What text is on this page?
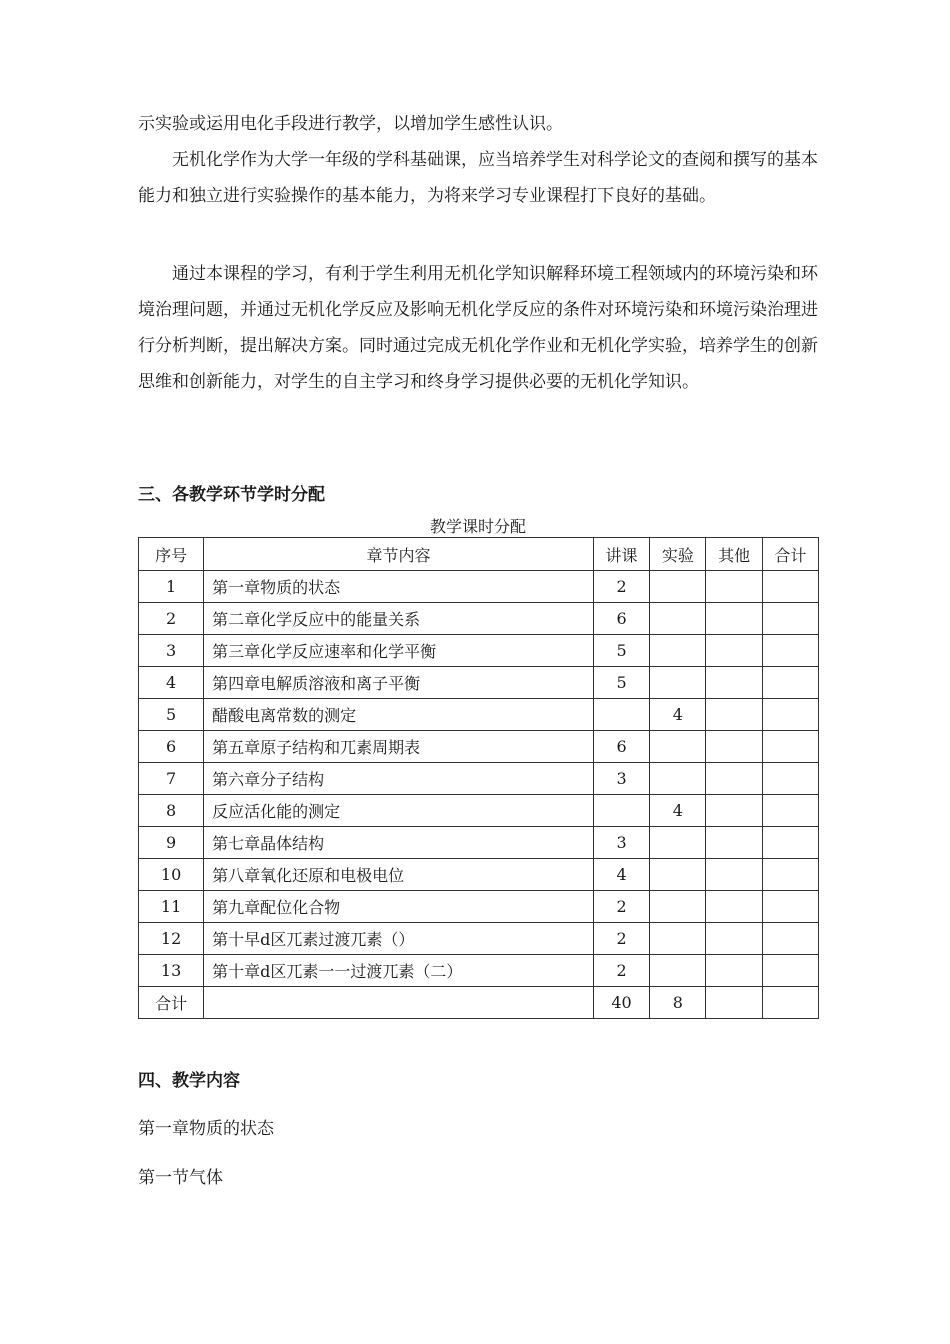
示实验或运用电化手段进行教学，以增加学生感性认识。

无机化学作为大学一年级的学科基础课，应当培养学生对科学论文的查阅和撰写的基本能力和独立进行实验操作的基本能力，为将来学习专业课程打下良好的基础。

通过本课程的学习，有利于学生利用无机化学知识解释环境工程领域内的环境污染和环境治理问题，并通过无机化学反应及影响无机化学反应的条件对环境污染和环境污染治理进行分析判断，提出解决方案。同时通过完成无机化学作业和无机化学实验，培养学生的创新思维和创新能力，对学生的自主学习和终身学习提供必要的无机化学知识。

三、各教学环节学时分配
教学课时分配
序号	章节内容	讲课	实验	其他	合计
1	第一章物质的状态	2			
2	第二章化学反应中的能量关系	6			
3	第三章化学反应速率和化学平衡	5			
4	第四章电解质溶液和离子平衡	5			
5	醋酸电离常数的测定		4		
6	第五章原子结构和兀素周期表	6			
7	第六章分子结构	3			
8	反应活化能的测定		4		
9	第七章晶体结构	3			
10	第八章氧化还原和电极电位	4			
11	第九章配位化合物	2			
12	第十早d区兀素过渡兀素（）	2			
13	第十章d区兀素一一过渡兀素（二）	2			
合计		40	8		
四、教学内容

第一章物质的状态

第一节气体
